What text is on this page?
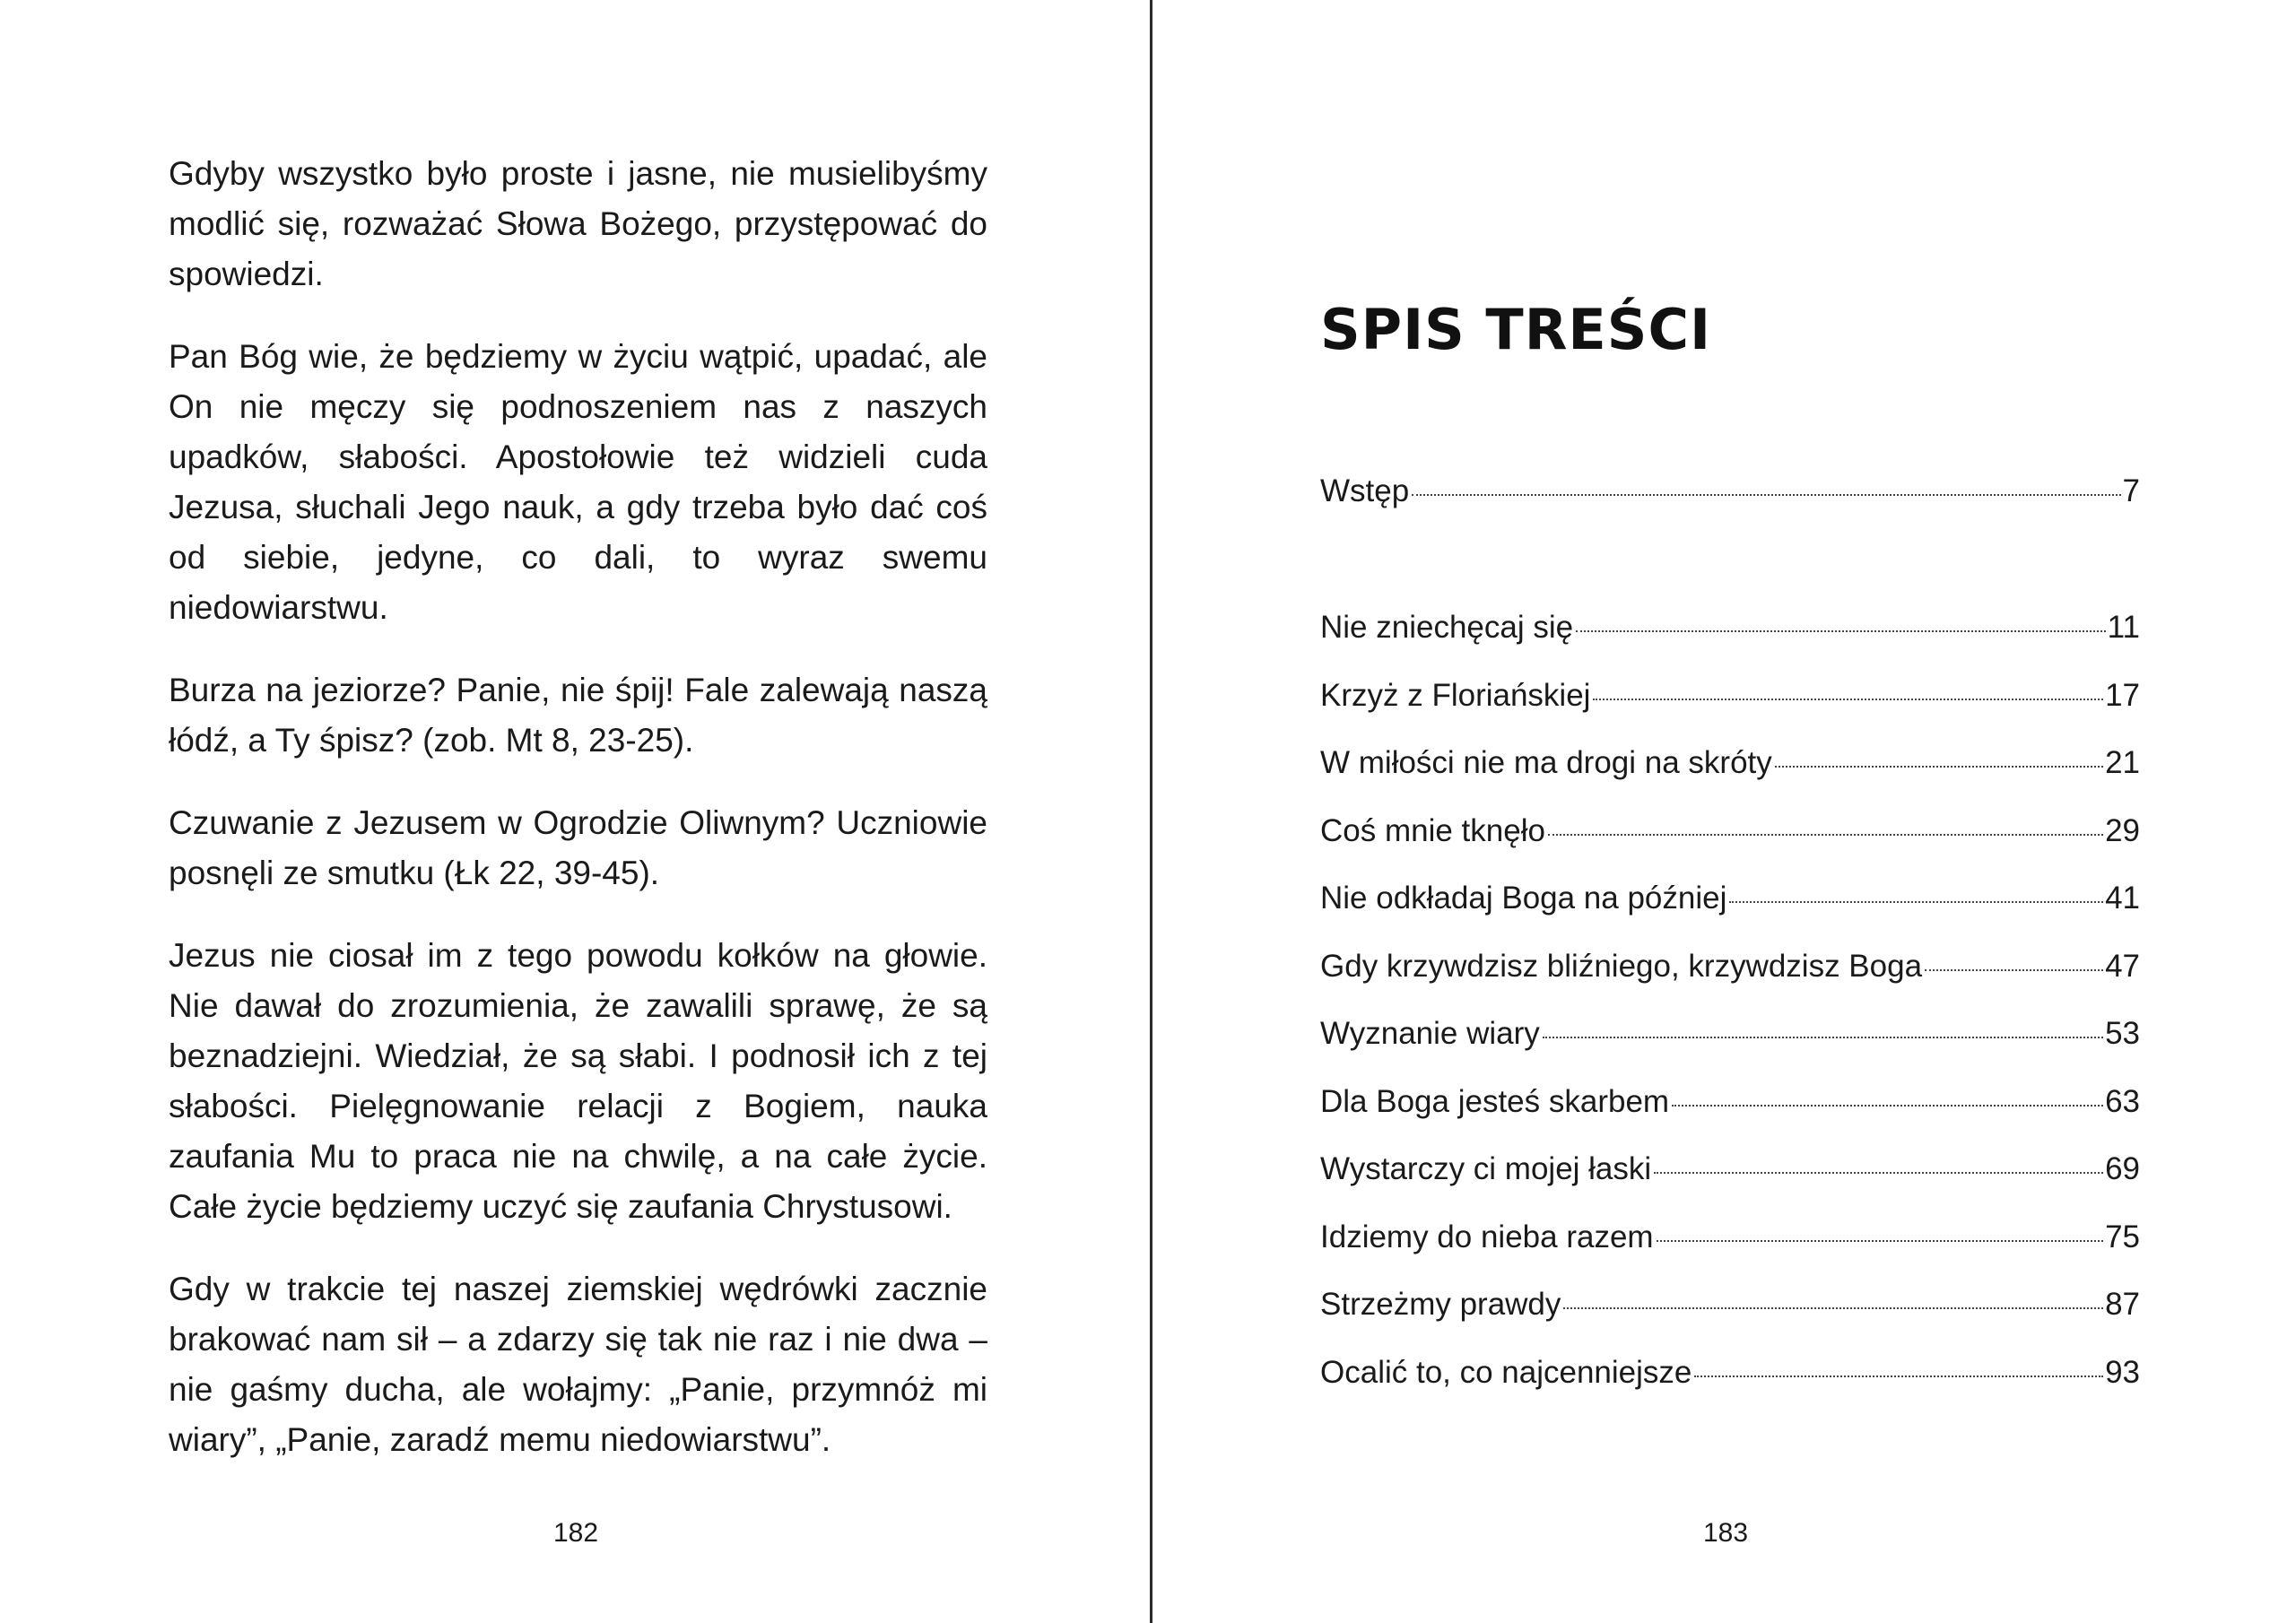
Gdyby wszystko było proste i jasne, nie musielibyśmy modlić się, rozważać Słowa Bożego, przystępować do spowiedzi.

Pan Bóg wie, że będziemy w życiu wątpić, upadać, ale On nie męczy się podnoszeniem nas z naszych upadków, słabości. Apostołowie też widzieli cuda Jezusa, słuchali Jego nauk, a gdy trzeba było dać coś od siebie, jedyne, co dali, to wyraz swemu niedowiarstwu.

Burza na jeziorze? Panie, nie śpij! Fale zalewają naszą łódź, a Ty śpisz? (zob. Mt 8, 23-25).

Czuwanie z Jezusem w Ogrodzie Oliwnym? Uczniowie posnęli ze smutku (Łk 22, 39-45).

Jezus nie ciosał im z tego powodu kołków na głowie. Nie dawał do zrozumienia, że zawalili sprawę, że są beznadziejni. Wiedział, że są słabi. I podnosił ich z tej słabości. Pielęgnowanie relacji z Bogiem, nauka zaufania Mu to praca nie na chwilę, a na całe życie. Całe życie będziemy uczyć się zaufania Chrystusowi.

Gdy w trakcie tej naszej ziemskiej wędrówki zacznie brakować nam sił – a zdarzy się tak nie raz i nie dwa – nie gaśmy ducha, ale wołajmy: „Panie, przymnóż mi wiary”, „Panie, zaradź memu niedowiarstwu”.

182
SPIS TREŚCI
Wstęp	7
Nie zniechęcaj się	11
Krzyż z Floriańskiej	17
W miłości nie ma drogi na skróty	21
Coś mnie tknęło	29
Nie odkładaj Boga na później	41
Gdy krzywdzisz bliźniego, krzywdzisz Boga	47
Wyznanie wiary	53
Dla Boga jesteś skarbem	63
Wystarczy ci mojej łaski	69
Idziemy do nieba razem	75
Strzeżmy prawdy	87
Ocalić to, co najcenniejsze	93
183
